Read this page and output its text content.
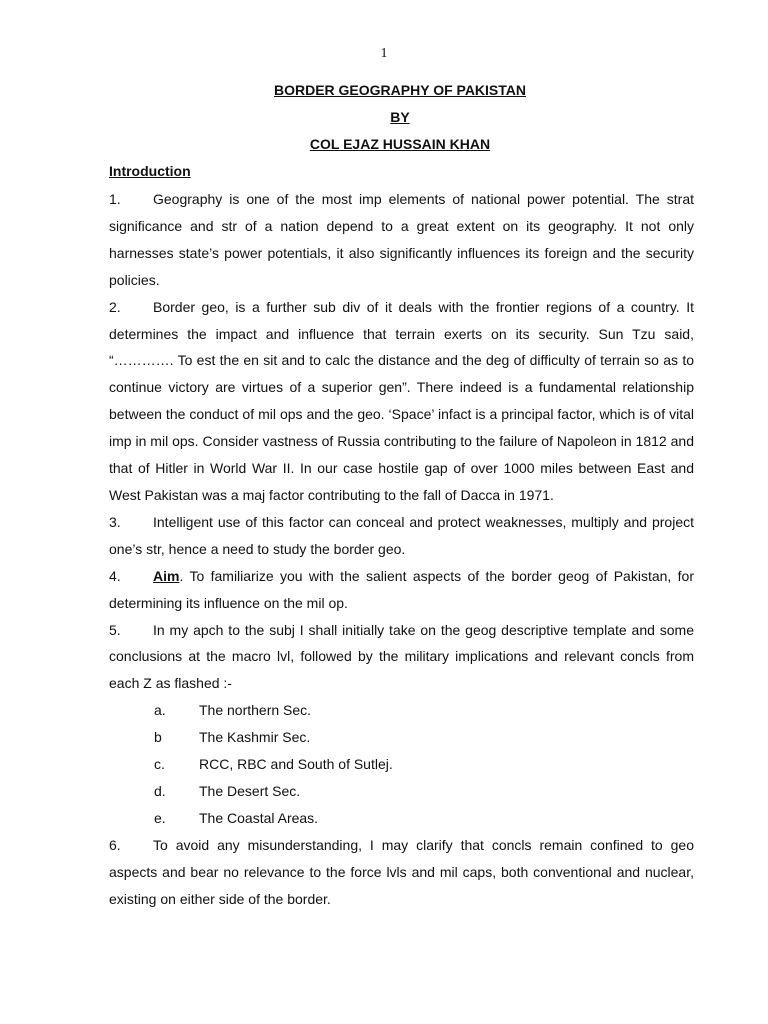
1
BORDER GEOGRAPHY OF PAKISTAN
BY
COL EJAZ HUSSAIN KHAN
Introduction

1. Geography is one of the most imp elements of national power potential. The strat significance and str of a nation depend to a great extent on its geography. It not only harnesses state’s power potentials, it also significantly influences its foreign and the security policies.

2. Border geo, is a further sub div of it deals with the frontier regions of a country. It determines the impact and influence that terrain exerts on its security. Sun Tzu said, “…………. To est the en sit and to calc the distance and the deg of difficulty of terrain so as to continue victory are virtues of a superior gen”. There indeed is a fundamental relationship between the conduct of mil ops and the geo. ‘Space’ infact is a principal factor, which is of vital imp in mil ops. Consider vastness of Russia contributing to the failure of Napoleon in 1812 and that of Hitler in World War II. In our case hostile gap of over 1000 miles between East and West Pakistan was a maj factor contributing to the fall of Dacca in 1971.

3. Intelligent use of this factor can conceal and protect weaknesses, multiply and project one’s str, hence a need to study the border geo.

4. Aim. To familiarize you with the salient aspects of the border geog of Pakistan, for determining its influence on the mil op.

5. In my apch to the subj I shall initially take on the geog descriptive template and some conclusions at the macro lvl, followed by the military implications and relevant concls from each Z as flashed :-

a. The northern Sec.

b	The Kashmir Sec.

c. RCC, RBC and South of Sutlej.

d. The Desert Sec.

e. The Coastal Areas.

6. To avoid any misunderstanding, I may clarify that concls remain confined to geo aspects and bear no relevance to the force lvls and mil caps, both conventional and nuclear, existing on either side of the border.
